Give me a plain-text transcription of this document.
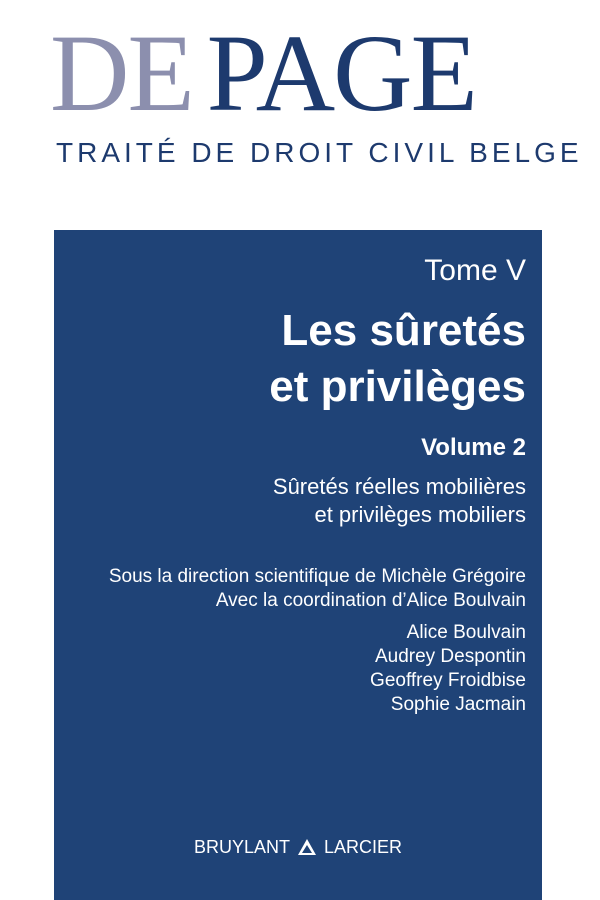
DE PAGE
TRAITÉ DE DROIT CIVIL BELGE
Tome V
Les sûretés
et privilèges
Volume 2
Sûretés réelles mobilières
et privilèges mobiliers
Sous la direction scientifique de Michèle Grégoire
Avec la coordination d’Alice Boulvain
Alice Boulvain
Audrey Despontin
Geoffrey Froidbise
Sophie Jacmain
BRUYLANT LARCIER
